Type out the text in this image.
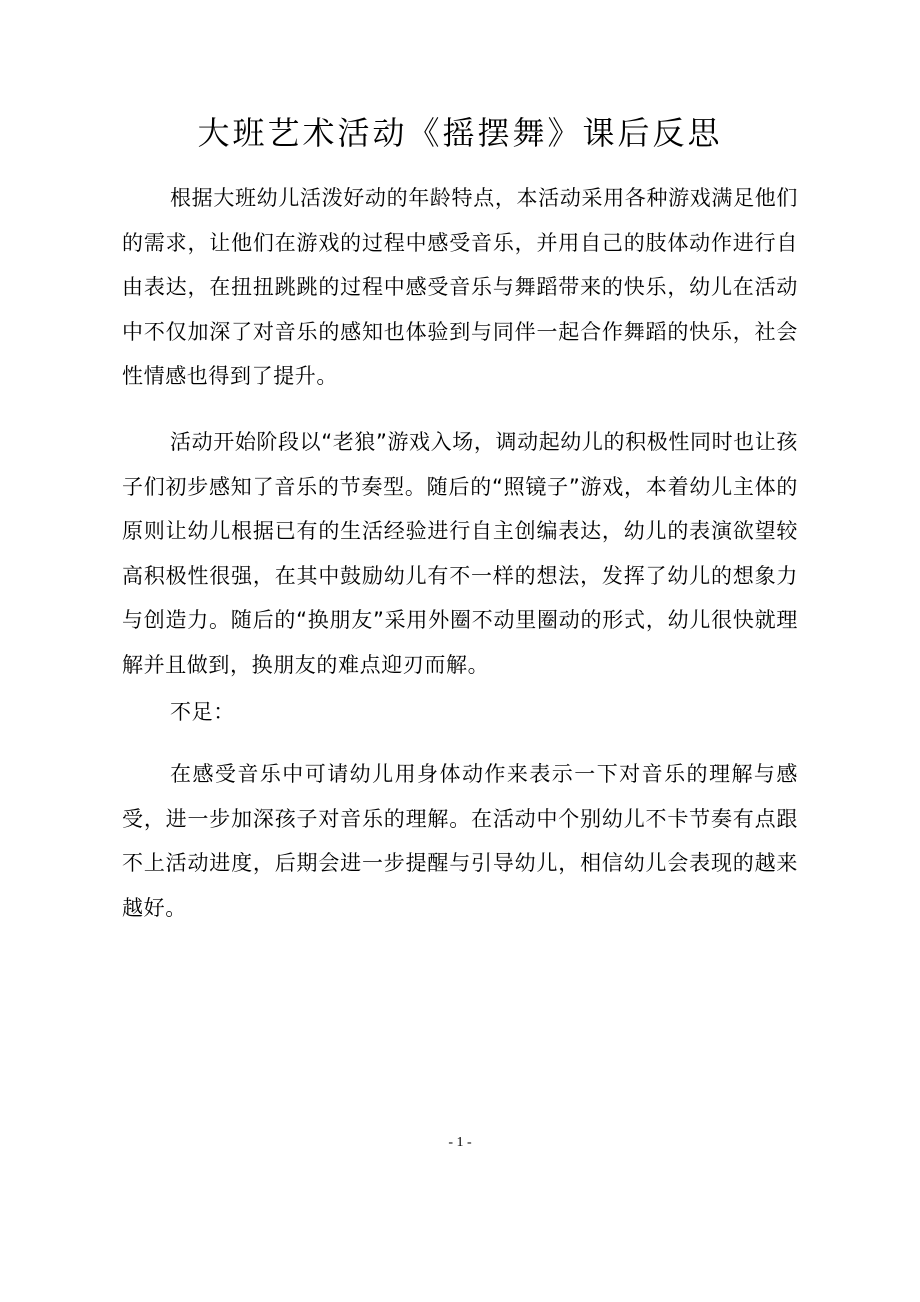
大班艺术活动《摇摆舞》课后反思

根据大班幼儿活泼好动的年龄特点，本活动采用各种游戏满足他们的需求，让他们在游戏的过程中感受音乐，并用自己的肢体动作进行自由表达，在扭扭跳跳的过程中感受音乐与舞蹈带来的快乐，幼儿在活动中不仅加深了对音乐的感知也体验到与同伴一起合作舞蹈的快乐，社会性情感也得到了提升。

活动开始阶段以“老狼”游戏入场，调动起幼儿的积极性同时也让孩子们初步感知了音乐的节奏型。随后的“照镜子”游戏，本着幼儿主体的原则让幼儿根据已有的生活经验进行自主创编表达，幼儿的表演欲望较高积极性很强，在其中鼓励幼儿有不一样的想法，发挥了幼儿的想象力与创造力。随后的“换朋友”采用外圈不动里圈动的形式，幼儿很快就理解并且做到，换朋友的难点迎刃而解。

不足：

在感受音乐中可请幼儿用身体动作来表示一下对音乐的理解与感受，进一步加深孩子对音乐的理解。在活动中个别幼儿不卡节奏有点跟不上活动进度，后期会进一步提醒与引导幼儿，相信幼儿会表现的越来越好。

- 1 -
